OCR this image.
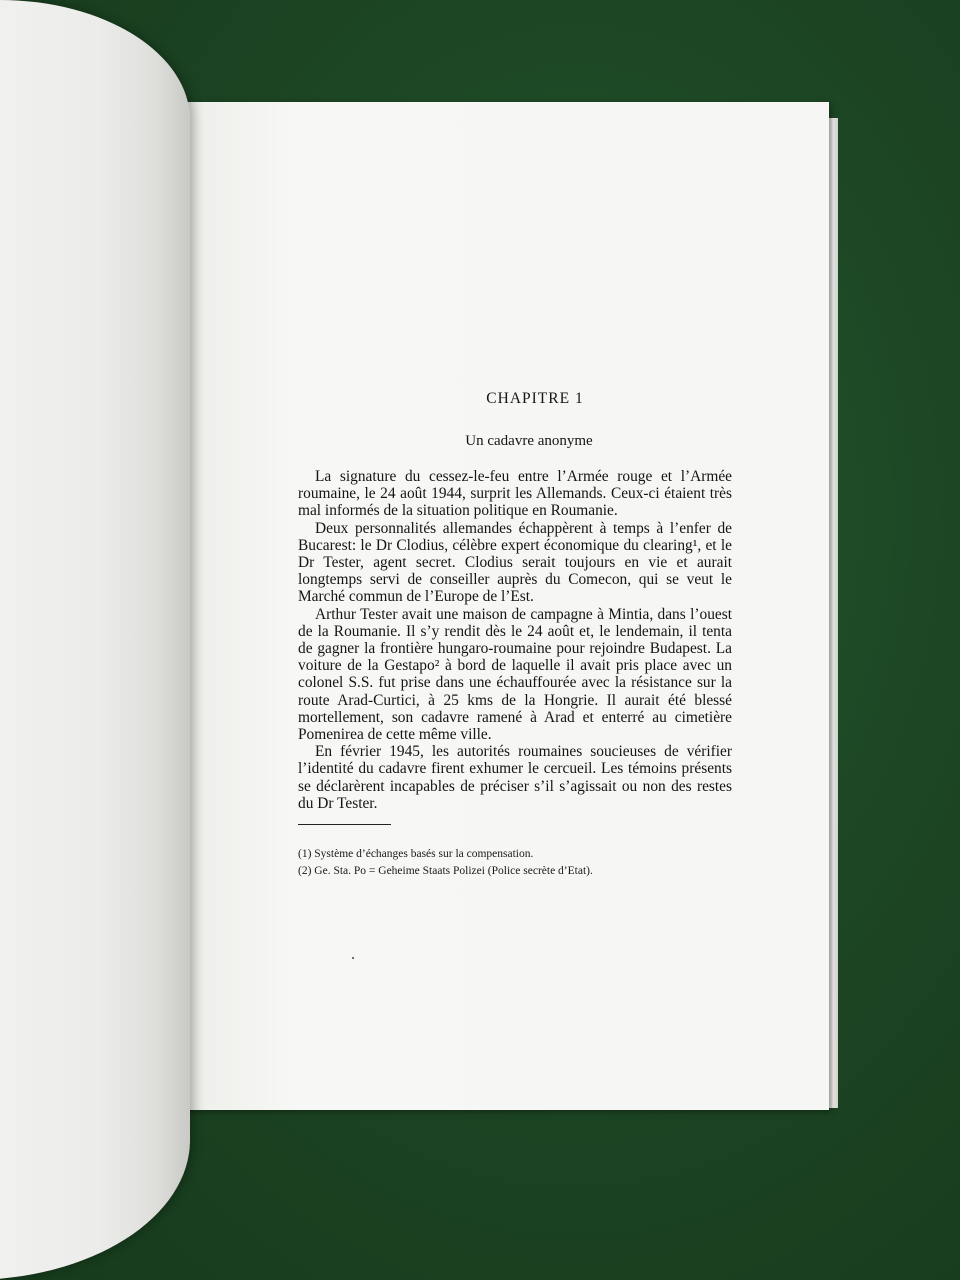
CHAPITRE 1

Un cadavre anonyme

La signature du cessez-le-feu entre l’Armée rouge et l’Armée roumaine, le 24 août 1944, surprit les Allemands. Ceux-ci étaient très mal informés de la situation politique en Roumanie.

Deux personnalités allemandes échappèrent à temps à l’enfer de Bucarest: le Dr Clodius, célèbre expert économique du clearing¹, et le Dr Tester, agent secret. Clodius serait toujours en vie et aurait longtemps servi de conseiller auprès du Comecon, qui se veut le Marché commun de l’Europe de l’Est.

Arthur Tester avait une maison de campagne à Mintia, dans l’ouest de la Roumanie. Il s’y rendit dès le 24 août et, le lendemain, il tenta de gagner la frontière hungaro-roumaine pour rejoindre Budapest. La voiture de la Gestapo² à bord de laquelle il avait pris place avec un colonel S.S. fut prise dans une échauffourée avec la résistance sur la route Arad-Curtici, à 25 kms de la Hongrie. Il aurait été blessé mortellement, son cadavre ramené à Arad et enterré au cimetière Pomenirea de cette même ville.

En février 1945, les autorités roumaines soucieuses de vérifier l’identité du cadavre firent exhumer le cercueil. Les témoins présents se déclarèrent incapables de préciser s’il s’agissait ou non des restes du Dr Tester.

(1) Système d’échanges basés sur la compensation.

(2) Ge. Sta. Po = Geheime Staats Polizei (Police secrète d’Etat).
